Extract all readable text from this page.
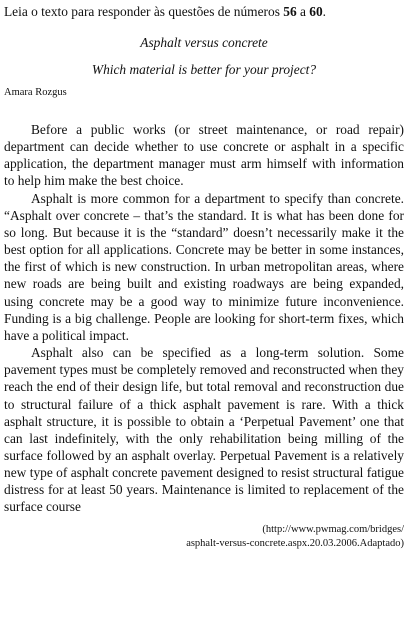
Leia o texto para responder às questões de números 56 a 60.

Asphalt versus concrete

Which material is better for your project?

Amara Rozgus

Before a public works (or street maintenance, or road repair) department can decide whether to use concrete or asphalt in a specific application, the department manager must arm himself with information to help him make the best choice.

Asphalt is more common for a department to specify than concrete. “Asphalt over concrete – that’s the standard. It is what has been done for so long. But because it is the “standard” doesn’t necessarily make it the best option for all applications. Concrete may be better in some instances, the first of which is new construction. In urban metropolitan areas, where new roads are being built and existing roadways are being expanded, using concrete may be a good way to minimize future inconvenience. Funding is a big challenge. People are looking for short-term fixes, which have a political impact.

Asphalt also can be specified as a long-term solution. Some pavement types must be completely removed and reconstructed when they reach the end of their design life, but total removal and reconstruction due to structural failure of a thick asphalt pavement is rare. With a thick asphalt structure, it is possible to obtain a ‘Perpetual Pavement’ one that can last indefinitely, with the only rehabilitation being milling of the surface followed by an asphalt overlay. Perpetual Pavement is a relatively new type of asphalt concrete pavement designed to resist structural fatigue distress for at least 50 years. Maintenance is limited to replacement of the surface course

(http://www.pwmag.com/bridges/
asphalt-versus-concrete.aspx.20.03.2006.Adaptado)
